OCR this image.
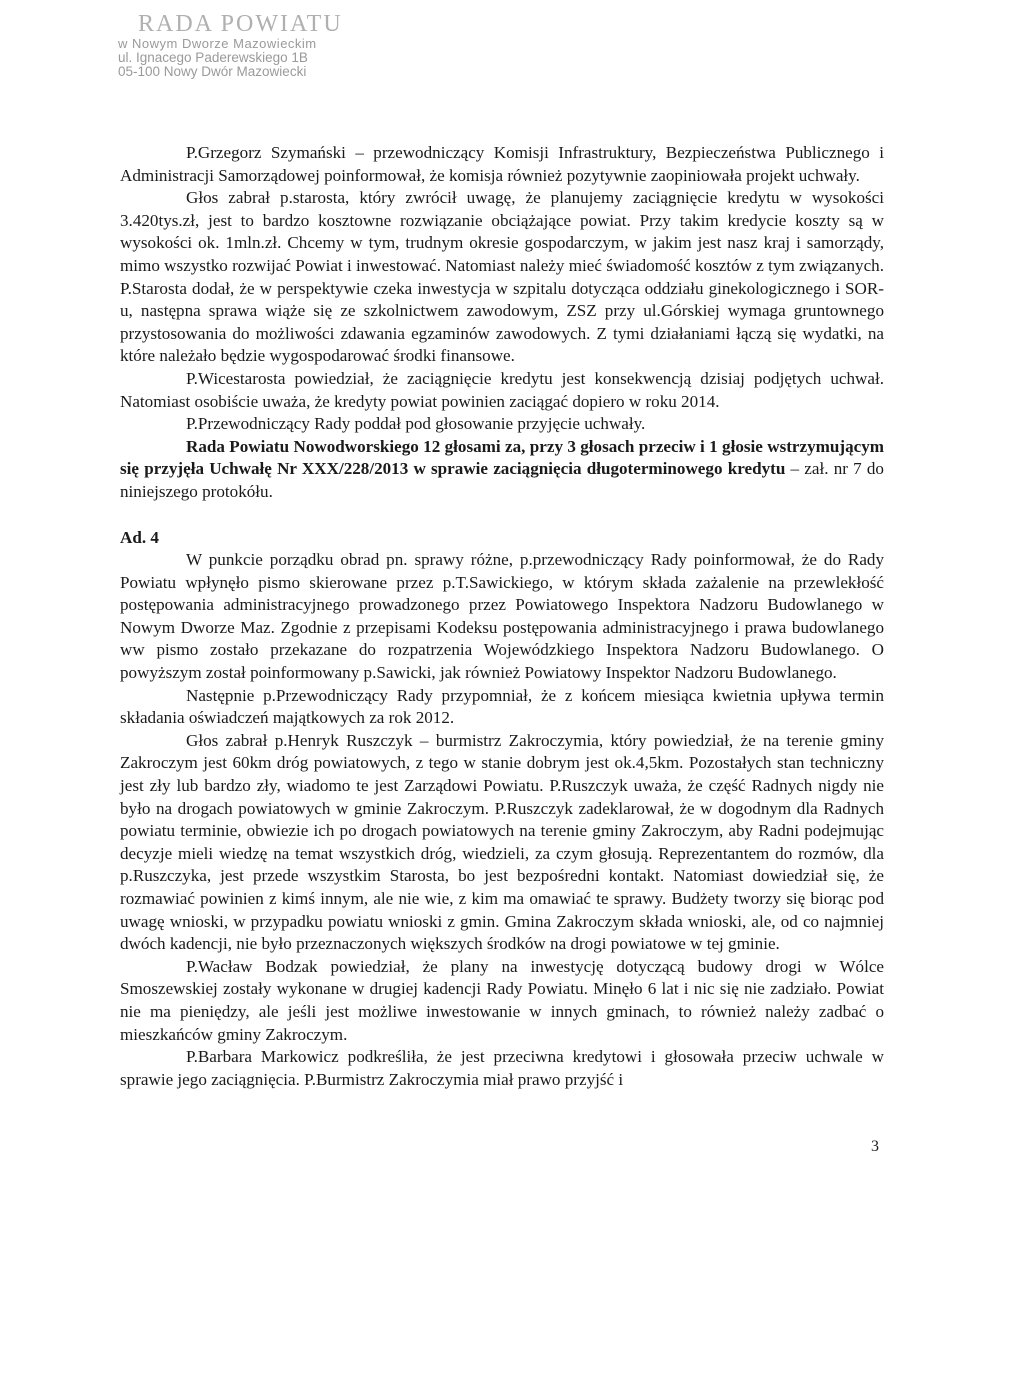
RADA POWIATU
w Nowym Dworze Mazowieckim
ul. Ignacego Paderewskiego 1B
05-100 Nowy Dwór Mazowiecki

P.Grzegorz Szymański – przewodniczący Komisji Infrastruktury, Bezpieczeństwa Publicznego i Administracji Samorządowej poinformował, że komisja również pozytywnie zaopiniowała projekt uchwały.

Głos zabrał p.starosta, który zwrócił uwagę, że planujemy zaciągnięcie kredytu w wysokości 3.420tys.zł, jest to bardzo kosztowne rozwiązanie obciążające powiat. Przy takim kredycie koszty są w wysokości ok. 1mln.zł. Chcemy w tym, trudnym okresie gospodarczym, w jakim jest nasz kraj i samorządy, mimo wszystko rozwijać Powiat i inwestować. Natomiast należy mieć świadomość kosztów z tym związanych. P.Starosta dodał, że w perspektywie czeka inwestycja w szpitalu dotycząca oddziału ginekologicznego i SOR-u, następna sprawa wiąże się ze szkolnictwem zawodowym, ZSZ przy ul.Górskiej wymaga gruntownego przystosowania do możliwości zdawania egzaminów zawodowych. Z tymi działaniami łączą się wydatki, na które należało będzie wygospodarować środki finansowe.

P.Wicestarosta powiedział, że zaciągnięcie kredytu jest konsekwencją dzisiaj podjętych uchwał. Natomiast osobiście uważa, że kredyty powiat powinien zaciągać dopiero w roku 2014.

P.Przewodniczący Rady poddał pod głosowanie przyjęcie uchwały.

Rada Powiatu Nowodworskiego 12 głosami za, przy 3 głosach przeciw i 1 głosie wstrzymującym się przyjęła Uchwałę Nr XXX/228/2013 w sprawie zaciągnięcia długoterminowego kredytu – zał. nr 7 do niniejszego protokółu.

Ad. 4

W punkcie porządku obrad pn. sprawy różne, p.przewodniczący Rady poinformował, że do Rady Powiatu wpłynęło pismo skierowane przez p.T.Sawickiego, w którym składa zażalenie na przewlekłość postępowania administracyjnego prowadzonego przez Powiatowego Inspektora Nadzoru Budowlanego w Nowym Dworze Maz. Zgodnie z przepisami Kodeksu postępowania administracyjnego i prawa budowlanego ww pismo zostało przekazane do rozpatrzenia Wojewódzkiego Inspektora Nadzoru Budowlanego. O powyższym został poinformowany p.Sawicki, jak również Powiatowy Inspektor Nadzoru Budowlanego.

Następnie p.Przewodniczący Rady przypomniał, że z końcem miesiąca kwietnia upływa termin składania oświadczeń majątkowych za rok 2012.

Głos zabrał p.Henryk Ruszczyk – burmistrz Zakroczymia, który powiedział, że na terenie gminy Zakroczym jest 60km dróg powiatowych, z tego w stanie dobrym jest ok.4,5km. Pozostałych stan techniczny jest zły lub bardzo zły, wiadomo te jest Zarządowi Powiatu. P.Ruszczyk uważa, że część Radnych nigdy nie było na drogach powiatowych w gminie Zakroczym. P.Ruszczyk zadeklarował, że w dogodnym dla Radnych powiatu terminie, obwiezie ich po drogach powiatowych na terenie gminy Zakroczym, aby Radni podejmując decyzje mieli wiedzę na temat wszystkich dróg, wiedzieli, za czym głosują. Reprezentantem do rozmów, dla p.Ruszczyka, jest przede wszystkim Starosta, bo jest bezpośredni kontakt. Natomiast dowiedział się, że rozmawiać powinien z kimś innym, ale nie wie, z kim ma omawiać te sprawy. Budżety tworzy się biorąc pod uwagę wnioski, w przypadku powiatu wnioski z gmin. Gmina Zakroczym składa wnioski, ale, od co najmniej dwóch kadencji, nie było przeznaczonych większych środków na drogi powiatowe w tej gminie.

P.Wacław Bodzak powiedział, że plany na inwestycję dotyczącą budowy drogi w Wólce Smoszewskiej zostały wykonane w drugiej kadencji Rady Powiatu. Minęło 6 lat i nic się nie zadziało. Powiat nie ma pieniędzy, ale jeśli jest możliwe inwestowanie w innych gminach, to również należy zadbać o mieszkańców gminy Zakroczym.

P.Barbara Markowicz podkreśliła, że jest przeciwna kredytowi i głosowała przeciw uchwale w sprawie jego zaciągnięcia. P.Burmistrz Zakroczymia miał prawo przyjść i

3
